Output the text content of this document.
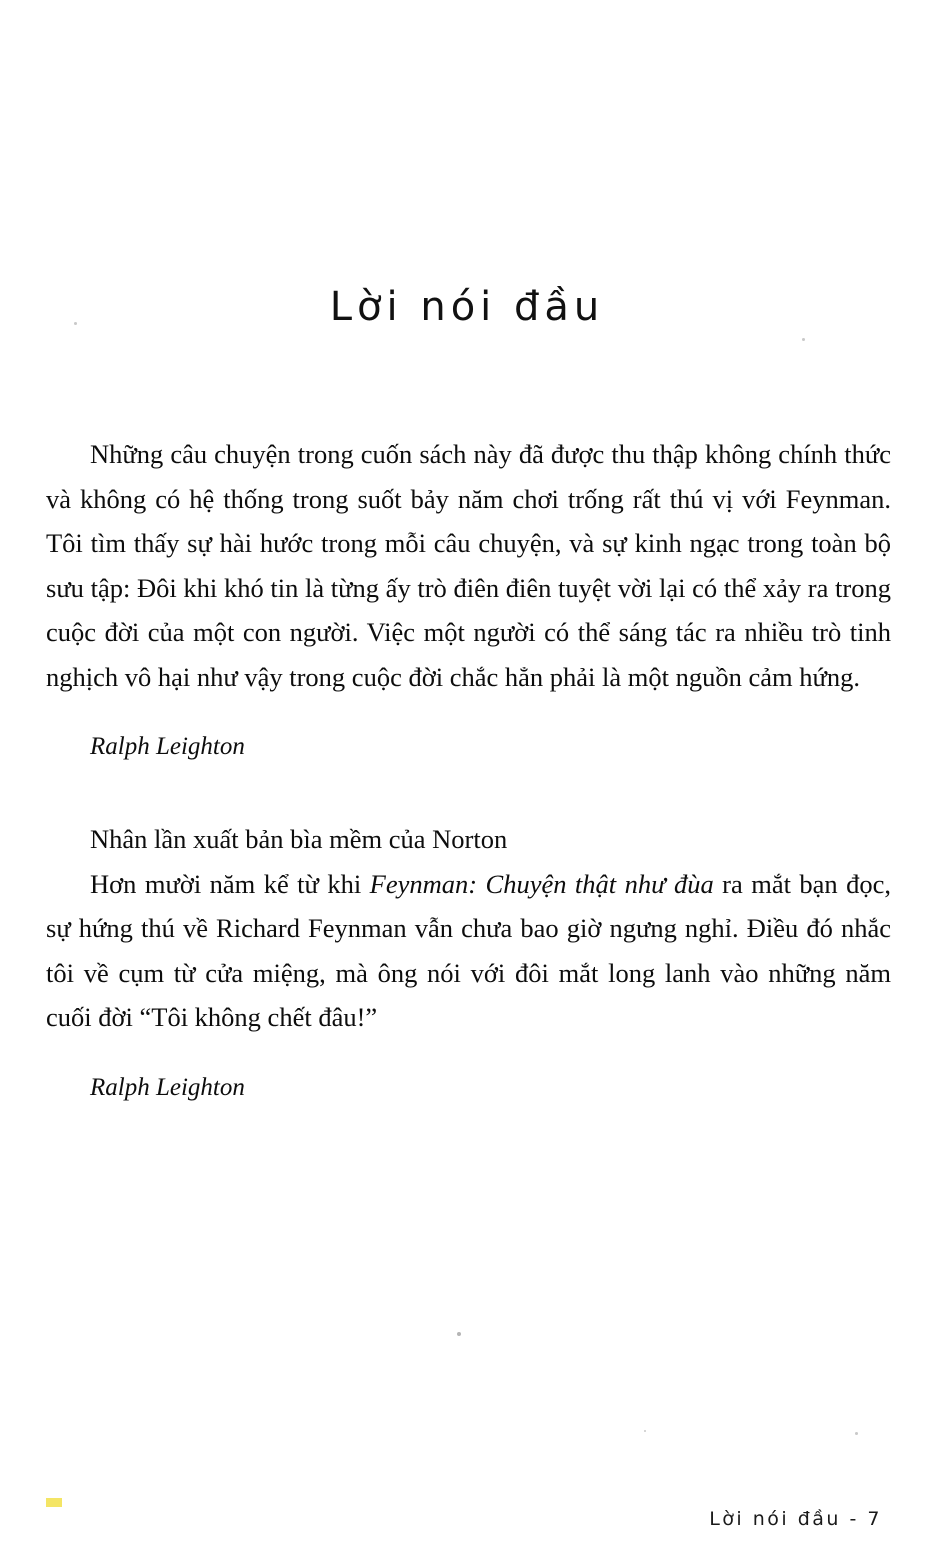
Lời nói đầu

Những câu chuyện trong cuốn sách này đã được thu thập không chính thức và không có hệ thống trong suốt bảy năm chơi trống rất thú vị với Feynman. Tôi tìm thấy sự hài hước trong mỗi câu chuyện, và sự kinh ngạc trong toàn bộ sưu tập: Đôi khi khó tin là từng ấy trò điên điên tuyệt vời lại có thể xảy ra trong cuộc đời của một con người. Việc một người có thể sáng tác ra nhiều trò tinh nghịch vô hại như vậy trong cuộc đời chắc hẳn phải là một nguồn cảm hứng.

Ralph Leighton

Nhân lần xuất bản bìa mềm của Norton

Hơn mười năm kể từ khi Feynman: Chuyện thật như đùa ra mắt bạn đọc, sự hứng thú về Richard Feynman vẫn chưa bao giờ ngưng nghỉ. Điều đó nhắc tôi về cụm từ cửa miệng, mà ông nói với đôi mắt long lanh vào những năm cuối đời “Tôi không chết đâu!”

Ralph Leighton

Lời nói đầu - 7
